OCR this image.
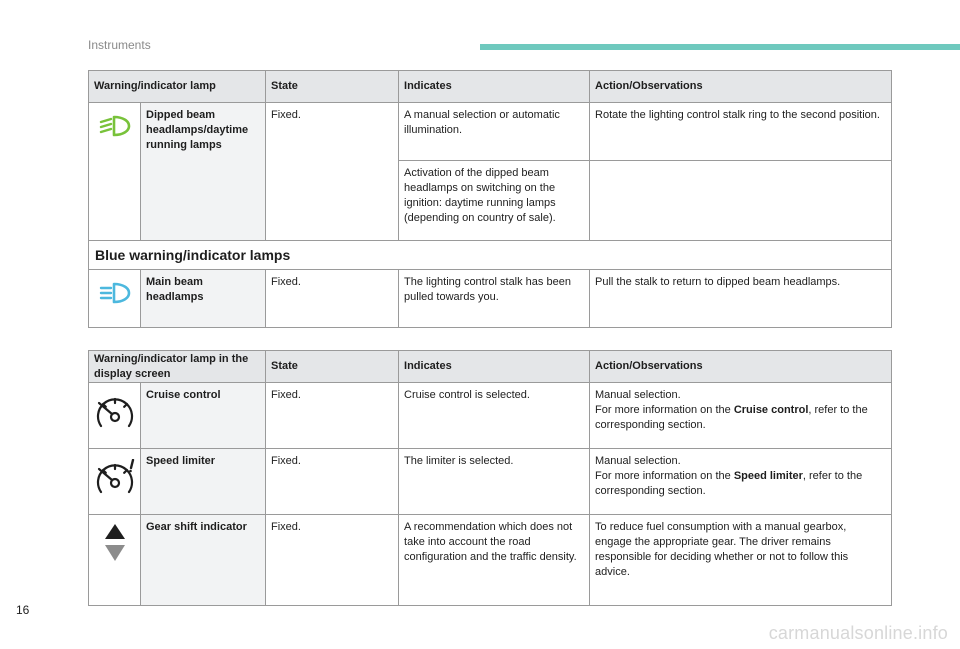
Instruments
Warning/indicator lamp		State	Indicates	Action/Observations
	Dipped beam headlamps/daytime running lamps	Fixed.	A manual selection or automatic illumination.	Rotate the lighting control stalk ring to the second position.
			Activation of the dipped beam headlamps on switching on the ignition: daytime running lamps (depending on country of sale).	
Blue warning/indicator lamps				
	Main beam headlamps	Fixed.	The lighting control stalk has been pulled towards you.	Pull the stalk to return to dipped beam headlamps.
Warning/indicator lamp in the display screen		State	Indicates	Action/Observations
	Cruise control	Fixed.	Cruise control is selected.	Manual selection.
For more information on the Cruise control, refer to the corresponding section.
	Speed limiter	Fixed.	The limiter is selected.	Manual selection.
For more information on the Speed limiter, refer to the corresponding section.
	Gear shift indicator	Fixed.	A recommendation which does not take into account the road configuration and the traffic density.	To reduce fuel consumption with a manual gearbox, engage the appropriate gear. The driver remains responsible for deciding whether or not to follow this advice.
16
carmanualsonline.info
